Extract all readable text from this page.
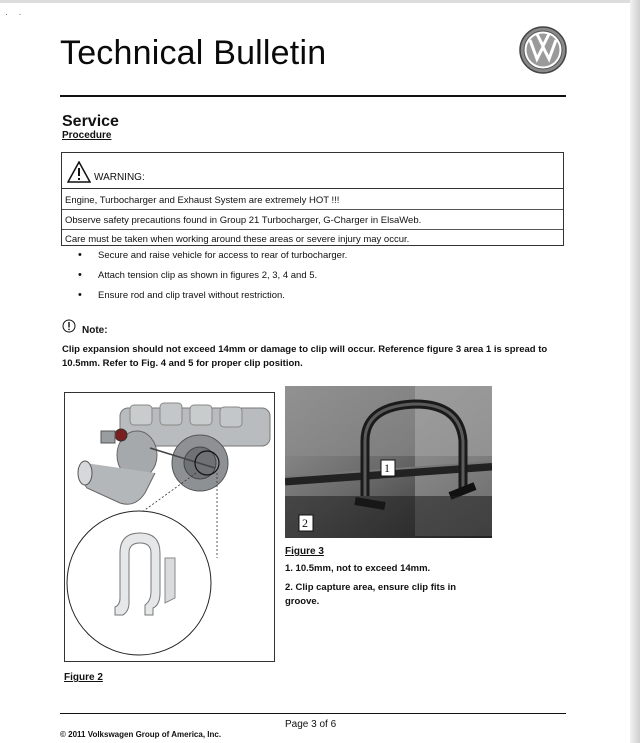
·     ·
Technical Bulletin
Service
Procedure
WARNING:
Engine, Turbocharger and Exhaust System are extremely HOT !!!
Observe safety precautions found in Group 21 Turbocharger, G-Charger in ElsaWeb.
Care must be taken when working around these areas or severe injury may occur.
• Secure and raise vehicle for access to rear of turbocharger.
• Attach tension clip as shown in figures 2, 3, 4 and 5.
• Ensure rod and clip travel without restriction.
Note:
Clip expansion should not exceed 14mm or damage to clip will occur. Reference figure 3 area 1 is spread to 10.5mm. Refer to Fig. 4 and 5 for proper clip position.
Figure 2
1
2
Figure 3
1. 10.5mm, not to exceed 14mm.
2. Clip capture area, ensure clip fits in groove.
Page 3 of 6
© 2011 Volkswagen Group of America, Inc.
